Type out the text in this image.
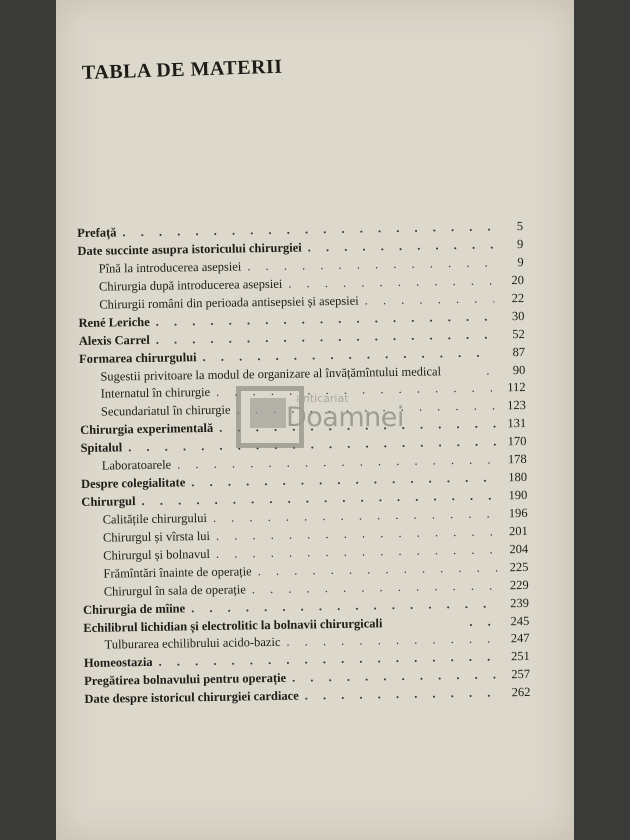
TABLA DE MATERII
Prefață . . .	5
Date succinte asupra istoricului chirurgiei . . .	9
Pînă la introducerea asepsiei . . .	9
Chirurgia după introducerea asepsiei . . .	20
Chirurgii români din perioada antisepsiei și asepsiei . . .	22
René Leriche . . .	30
Alexis Carrel . . .	52
Formarea chirurgului . . .	87
Sugestii privitoare la modul de organizare al învățămîntului medical . . .	90
Internatul în chirurgie . . .	112
Secundariatul în chirurgie . . .	123
Chirurgia experimentală . . .	131
Spitalul . . .	170
Laboratoarele . . .	178
Despre colegialitate . . .	180
Chirurgul . . .	190
Calitățile chirurgului . . .	196
Chirurgul și vîrsta lui . . .	201
Chirurgul și bolnavul . . .	204
Frămîntări înainte de operație . . .	225
Chirurgul în sala de operație . . .	229
Chirurgia de mîine . . .	239
Echilibrul lichidian și electrolitic la bolnavii chirurgicali . . .	245
Tulburarea echilibrului acido-bazic . . .	247
Homeostazia . . .	251
Pregătirea bolnavului pentru operație . . .	257
Date despre istoricul chirurgiei cardiace . . .	262
anticariat
Doamnei
